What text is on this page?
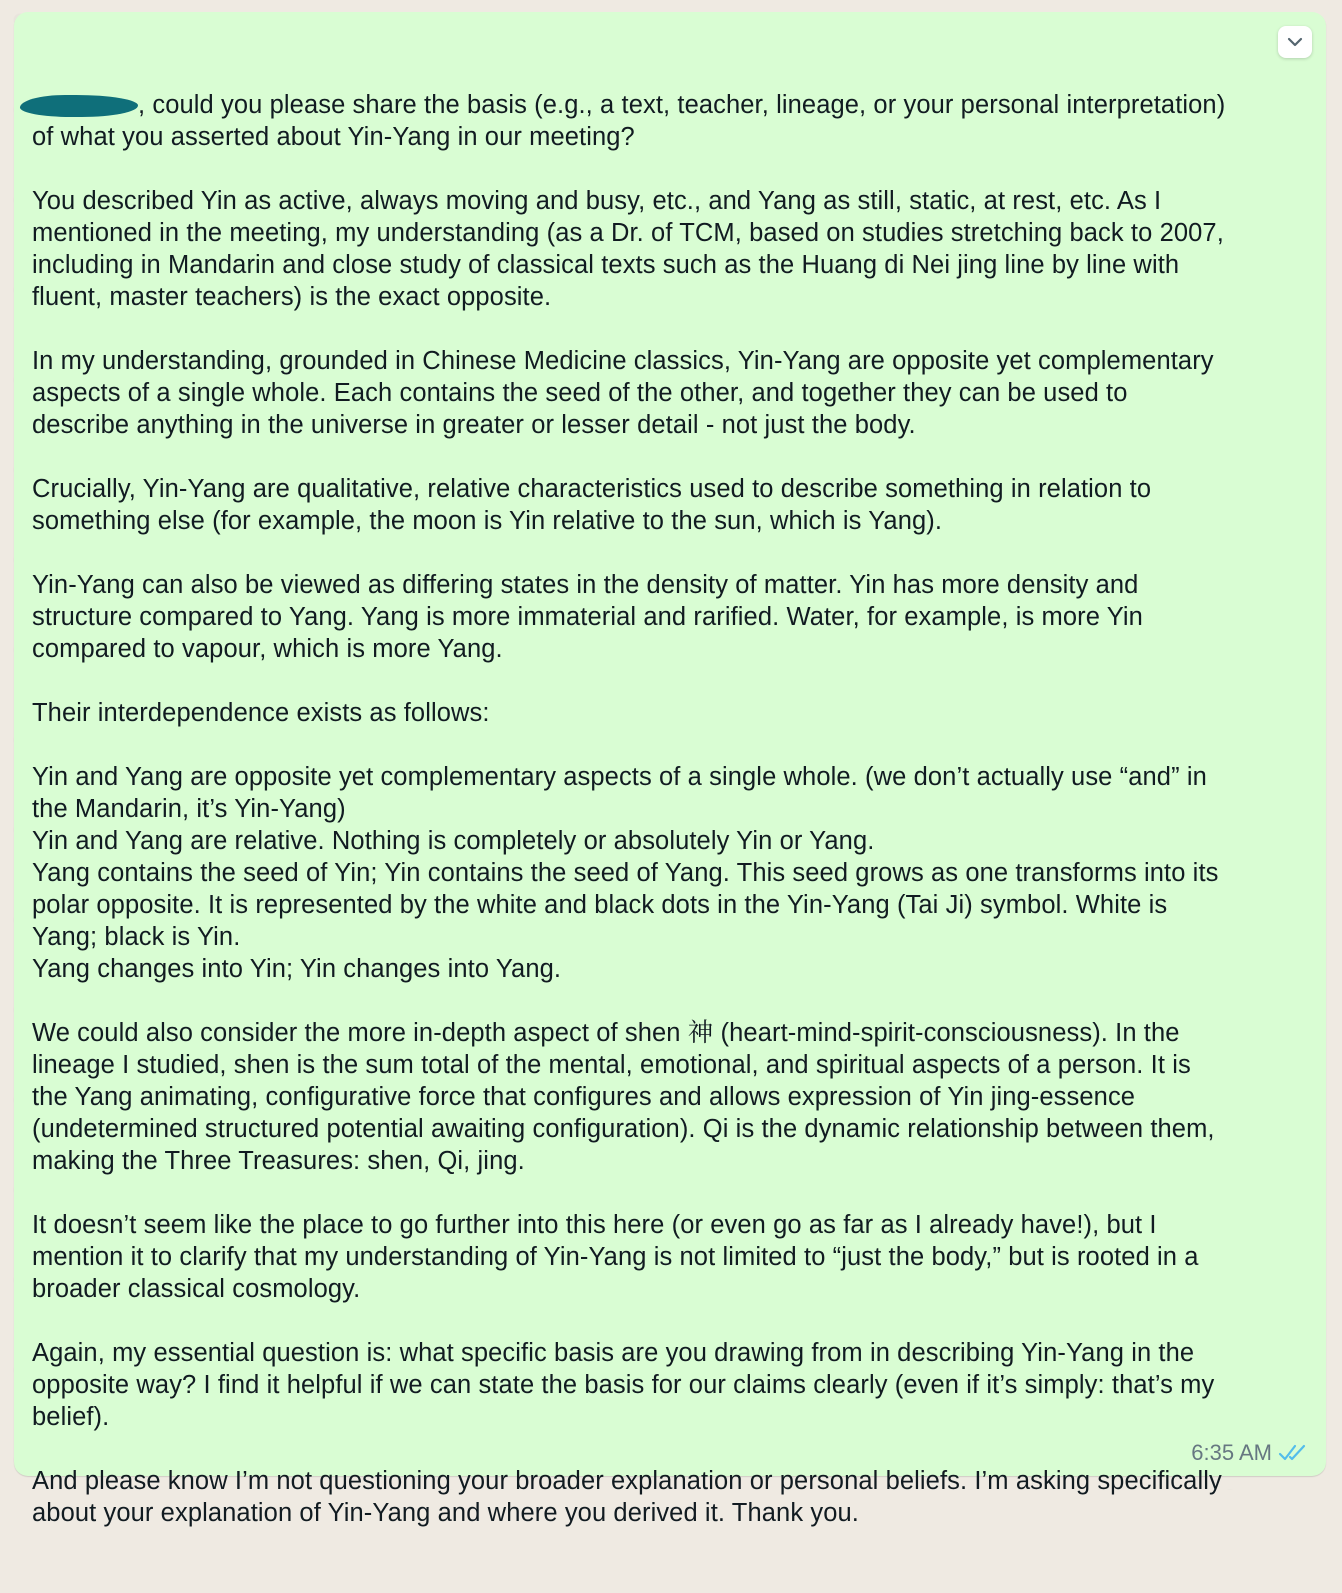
, could you please share the basis (e.g., a text, teacher, lineage, or your personal interpretation)
of what you asserted about Yin-Yang in our meeting?
You described Yin as active, always moving and busy, etc., and Yang as still, static, at rest, etc. As I
mentioned in the meeting, my understanding (as a Dr. of TCM, based on studies stretching back to 2007,
including in Mandarin and close study of classical texts such as the Huang di Nei jing line by line with
fluent, master teachers) is the exact opposite.
In my understanding, grounded in Chinese Medicine classics, Yin-Yang are opposite yet complementary
aspects of a single whole. Each contains the seed of the other, and together they can be used to
describe anything in the universe in greater or lesser detail - not just the body.
Crucially, Yin-Yang are qualitative, relative characteristics used to describe something in relation to
something else (for example, the moon is Yin relative to the sun, which is Yang).
Yin-Yang can also be viewed as differing states in the density of matter. Yin has more density and
structure compared to Yang. Yang is more immaterial and rarified. Water, for example, is more Yin
compared to vapour, which is more Yang.
Their interdependence exists as follows:
Yin and Yang are opposite yet complementary aspects of a single whole. (we don’t actually use “and” in
the Mandarin, it’s Yin-Yang)
Yin and Yang are relative. Nothing is completely or absolutely Yin or Yang.
Yang contains the seed of Yin; Yin contains the seed of Yang. This seed grows as one transforms into its
polar opposite. It is represented by the white and black dots in the Yin-Yang (Tai Ji) symbol. White is
Yang; black is Yin.
Yang changes into Yin; Yin changes into Yang.
We could also consider the more in-depth aspect of shen 神 (heart-mind-spirit-consciousness). In the
lineage I studied, shen is the sum total of the mental, emotional, and spiritual aspects of a person. It is
the Yang animating, configurative force that configures and allows expression of Yin jing-essence
(undetermined structured potential awaiting configuration). Qi is the dynamic relationship between them,
making the Three Treasures: shen, Qi, jing.
It doesn’t seem like the place to go further into this here (or even go as far as I already have!), but I
mention it to clarify that my understanding of Yin-Yang is not limited to “just the body,” but is rooted in a
broader classical cosmology.
Again, my essential question is: what specific basis are you drawing from in describing Yin-Yang in the
opposite way? I find it helpful if we can state the basis for our claims clearly (even if it’s simply: that’s my
belief).
And please know I’m not questioning your broader explanation or personal beliefs. I’m asking specifically
about your explanation of Yin-Yang and where you derived it. Thank you.

6:35 AM
